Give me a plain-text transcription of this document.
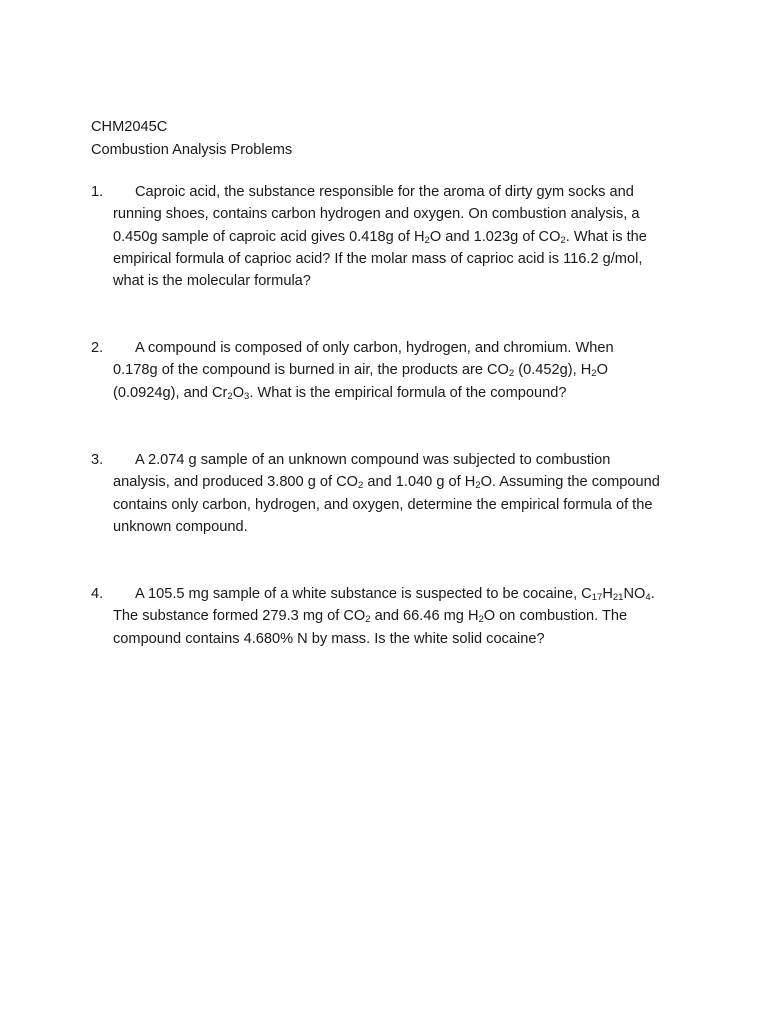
CHM2045C
Combustion Analysis Problems
1.	Caproic acid, the substance responsible for the aroma of dirty gym socks and
running shoes, contains carbon hydrogen and oxygen. On combustion analysis, a
0.450g sample of caproic acid gives 0.418g of $H_2O$ and 1.023g of $CO_2$. What is the
empirical formula of caprioc acid? If the molar mass of caprioc acid is 116.2 g/mol,
what is the molecular formula?
2.	A compound is composed of only carbon, hydrogen, and chromium. When
0.178g of the compound is burned in air, the products are $CO_2$ (0.452g), $H_2O$
(0.0924g), and $Cr_2O_3$. What is the empirical formula of the compound?
3.	A 2.074 g sample of an unknown compound was subjected to combustion
analysis, and produced 3.800 g of $CO_2$ and 1.040 g of $H_2O$. Assuming the compound
contains only carbon, hydrogen, and oxygen, determine the empirical formula of the
unknown compound.
4.	A 105.5 mg sample of a white substance is suspected to be cocaine, $C_{17}H_{21}NO_4$.
The substance formed 279.3 mg of $CO_2$ and 66.46 mg $H_2O$ on combustion. The
compound contains 4.680% N by mass. Is the white solid cocaine?
